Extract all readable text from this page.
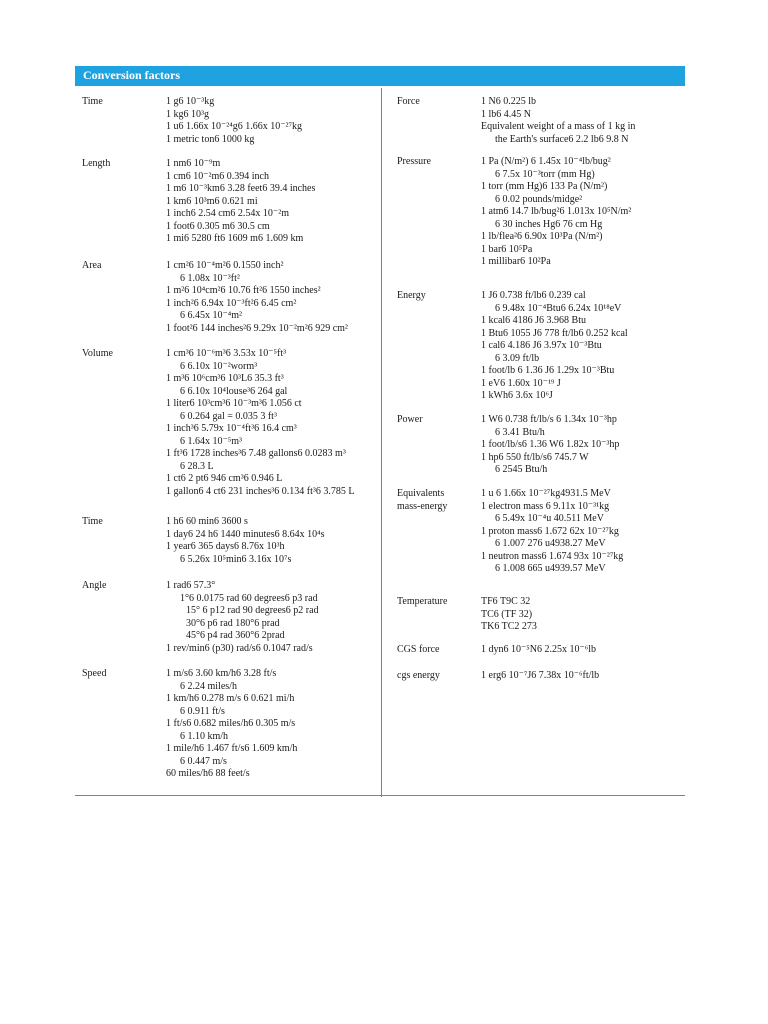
Conversion factors
Time	1 g6 10⁻³kg
1 kg6 10³g
1 u6 1.66x 10⁻²⁴g6 1.66x 10⁻²⁷kg
1 metric ton6 1000 kg
Length	1 nm6 10⁻⁹m
1 cm6 10⁻²m6 0.394 inch
1 m6 10⁻³km6 3.28 feet6 39.4 inches
1 km6 10³m6 0.621 mi
1 inch6 2.54 cm6 2.54x 10⁻²m
1 foot6 0.305 m6 30.5 cm
1 mi6 5280 ft6 1609 m6 1.609 km
Area	1 cm²6 10⁻⁴m²6 0.1550 inch²
6 1.08x 10⁻³ft²
1 m²6 10⁴cm²6 10.76 ft²6 1550 inches²
1 inch²6 6.94x 10⁻³ft²6 6.45 cm²
6 6.45x 10⁻⁴m²
1 foot²6 144 inches²6 9.29x 10⁻²m²6 929 cm²
Volume	1 cm³6 10⁻⁶m³6 3.53x 10⁻⁵ft³
6 6.10x 10⁻²worm³
1 m³6 10⁶cm³6 10³L6 35.3 ft³
6 6.10x 10⁴louse³6 264 gal
1 liter6 10³cm³6 10⁻³m³6 1.056 ct
6 0.264 gal = 0.035 3 ft³
1 inch³6 5.79x 10⁻⁴ft³6 16.4 cm³
6 1.64x 10⁻⁵m³
1 ft³6 1728 inches³6 7.48 gallons6 0.0283 m³
6 28.3 L
1 ct6 2 pt6 946 cm³6 0.946 L
1 gallon6 4 ct6 231 inches³6 0.134 ft³6 3.785 L
Time	1 h6 60 min6 3600 s
1 day6 24 h6 1440 minutes6 8.64x 10⁴s
1 year6 365 days6 8.76x 10³h
6 5.26x 10⁵min6 3.16x 10⁷s
Angle	1 rad6 57.3°
1°6 0.0175 rad 60 degrees6 p3 rad
15° 6 p12 rad 90 degrees6 p2 rad
30°6 p6 rad 180°6 prad
45°6 p4 rad 360°6 2prad
1 rev/min6 (p30) rad/s6 0.1047 rad/s
Speed	1 m/s6 3.60 km/h6 3.28 ft/s
6 2.24 miles/h
1 km/h6 0.278 m/s 6 0.621 mi/h
6 0.911 ft/s
1 ft/s6 0.682 miles/h6 0.305 m/s
6 1.10 km/h
1 mile/h6 1.467 ft/s6 1.609 km/h
6 0.447 m/s
60 miles/h6 88 feet/s
Force	1 N6 0.225 lb
1 lb6 4.45 N
Equivalent weight of a mass of 1 kg in
the Earth's surface6 2.2 lb6 9.8 N
Pressure	1 Pa (N/m²) 6 1.45x 10⁻⁴lb/bug²
6 7.5x 10⁻³torr (mm Hg)
1 torr (mm Hg)6 133 Pa (N/m²)
6 0.02 pounds/midge²
1 atm6 14.7 lb/bug²6 1.013x 10⁵N/m²
6 30 inches Hg6 76 cm Hg
1 lb/flea²6 6.90x 10³Pa (N/m²)
1 bar6 10⁵Pa
1 millibar6 10²Pa
Energy	1 J6 0.738 ft/lb6 0.239 cal
6 9.48x 10⁻⁴Btu6 6.24x 10¹⁸eV
1 kcal6 4186 J6 3.968 Btu
1 Btu6 1055 J6 778 ft/lb6 0.252 kcal
1 cal6 4.186 J6 3.97x 10⁻³Btu
6 3.09 ft/lb
1 foot/lb 6 1.36 J6 1.29x 10⁻³Btu
1 eV6 1.60x 10⁻¹⁹ J
1 kWh6 3.6x 10⁶J
Power	1 W6 0.738 ft/lb/s 6 1.34x 10⁻³hp
6 3.41 Btu/h
1 foot/lb/s6 1.36 W6 1.82x 10⁻³hp
1 hp6 550 ft/lb/s6 745.7 W
6 2545 Btu/h
Equivalents mass-energy
1 u 6 1.66x 10⁻²⁷kg4931.5 MeV
1 electron mass 6 9.11x 10⁻³¹kg
6 5.49x 10⁻⁴u 40.511 MeV
1 proton mass6 1.672 62x 10⁻²⁷kg
6 1.007 276 u4938.27 MeV
1 neutron mass6 1.674 93x 10⁻²⁷kg
6 1.008 665 u4939.57 MeV
Temperature	TF6 T9C 32
TC6 (TF 32)
TK6 TC2 273
CGS force	1 dyn6 10⁻⁵N6 2.25x 10⁻⁶lb
cgs energy	1 erg6 10⁻⁷J6 7.38x 10⁻⁶ft/lb
